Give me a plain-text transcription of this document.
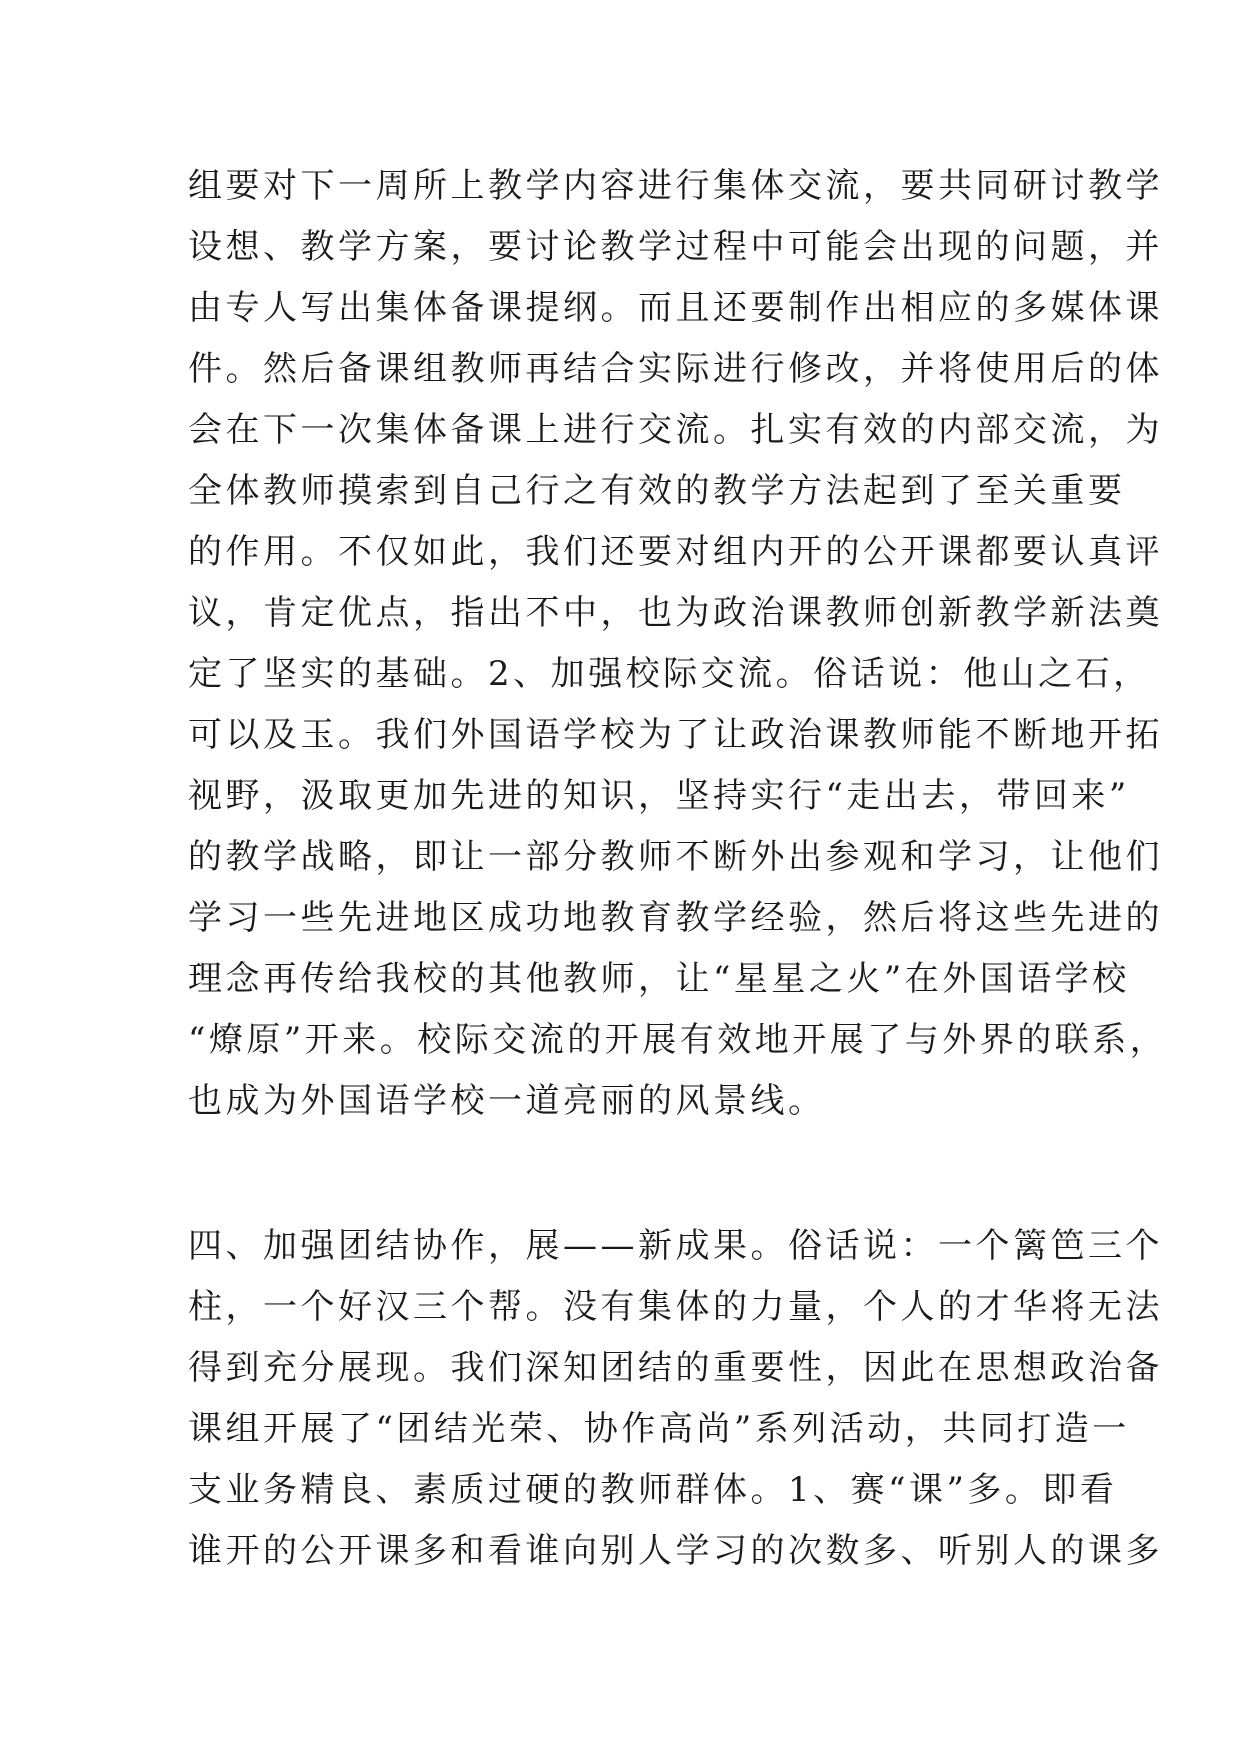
组要对下一周所上教学内容进行集体交流，要共同研讨教学
设想、教学方案，要讨论教学过程中可能会出现的问题，并
由专人写出集体备课提纲。而且还要制作出相应的多媒体课
件。然后备课组教师再结合实际进行修改，并将使用后的体
会在下一次集体备课上进行交流。扎实有效的内部交流，为
全体教师摸索到自己行之有效的教学方法起到了至关重要
的作用。不仅如此，我们还要对组内开的公开课都要认真评
议，肯定优点，指出不中，也为政治课教师创新教学新法奠
定了坚实的基础。2、加强校际交流。俗话说：他山之石，
可以及玉。我们外国语学校为了让政治课教师能不断地开拓
视野，汲取更加先进的知识，坚持实行“走出去，带回来”
的教学战略，即让一部分教师不断外出参观和学习，让他们
学习一些先进地区成功地教育教学经验，然后将这些先进的
理念再传给我校的其他教师，让“星星之火”在外国语学校
“燎原”开来。校际交流的开展有效地开展了与外界的联系，
也成为外国语学校一道亮丽的风景线。
四、加强团结协作，展——新成果。俗话说：一个篱笆三个
柱，一个好汉三个帮。没有集体的力量，个人的才华将无法
得到充分展现。我们深知团结的重要性，因此在思想政治备
课组开展了“团结光荣、协作高尚”系列活动，共同打造一
支业务精良、素质过硬的教师群体。1、赛“课”多。即看
谁开的公开课多和看谁向别人学习的次数多、听别人的课多
